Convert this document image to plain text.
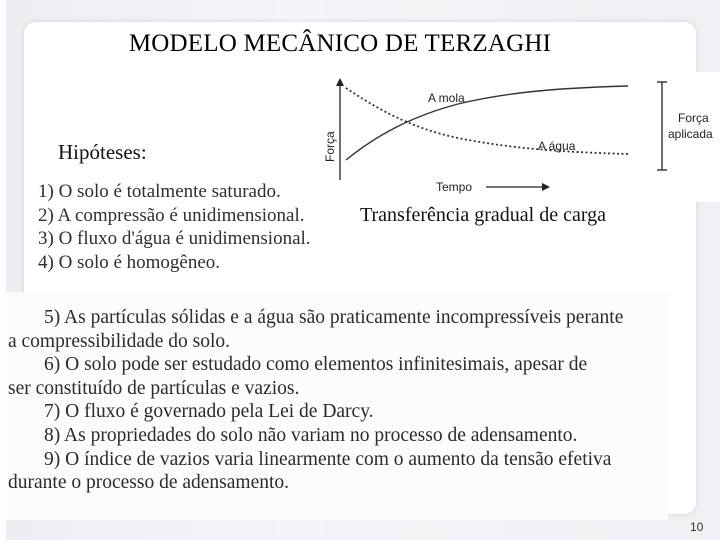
MODELO MECÂNICO DE TERZAGHI
Hipóteses:	Força
A mola
A água
Tempo
Força
aplicada
Transferência gradual de carga

1) O solo é totalmente saturado.

2) A compressão é unidimensional.

3) O fluxo d'água é unidimensional.

4) O solo é homogêneo.

5) As partículas sólidas e a água são praticamente incompressíveis perante

a compressibilidade do solo.

6) O solo pode ser estudado como elementos infinitesimais, apesar de

ser constituído de partículas e vazios.

7) O fluxo é governado pela Lei de Darcy.

8) As propriedades do solo não variam no processo de adensamento.

9) O índice de vazios varia linearmente com o aumento da tensão efetiva

durante o processo de adensamento.

10
